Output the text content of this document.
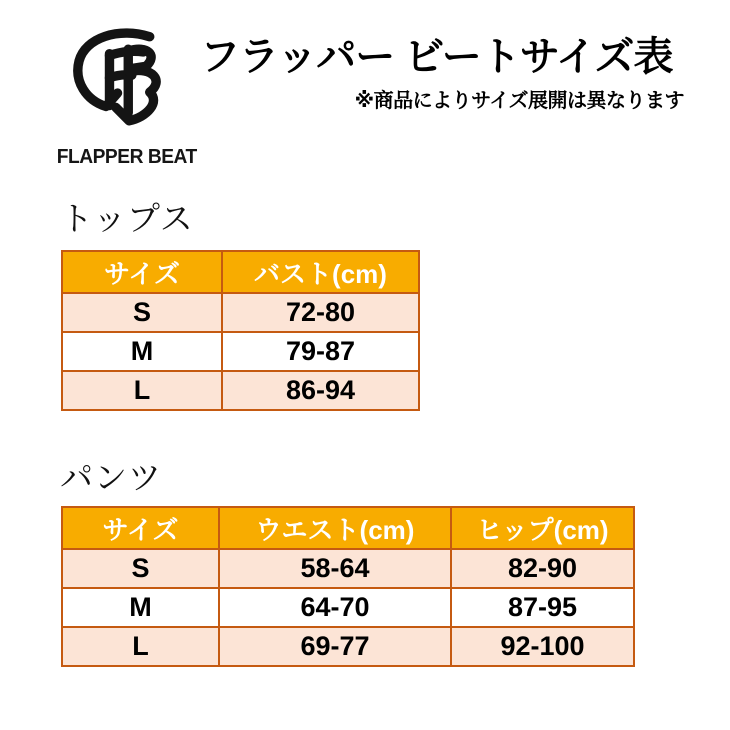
FLAPPER BEAT
フラッパー ビートサイズ表
※商品によりサイズ展開は異なります
トップス
サイズ	バスト(cm)
S	72-80
M	79-87
L	86-94
パンツ
サイズ	ウエスト(cm)	ヒップ(cm)
S	58-64	82-90
M	64-70	87-95
L	69-77	92-100
